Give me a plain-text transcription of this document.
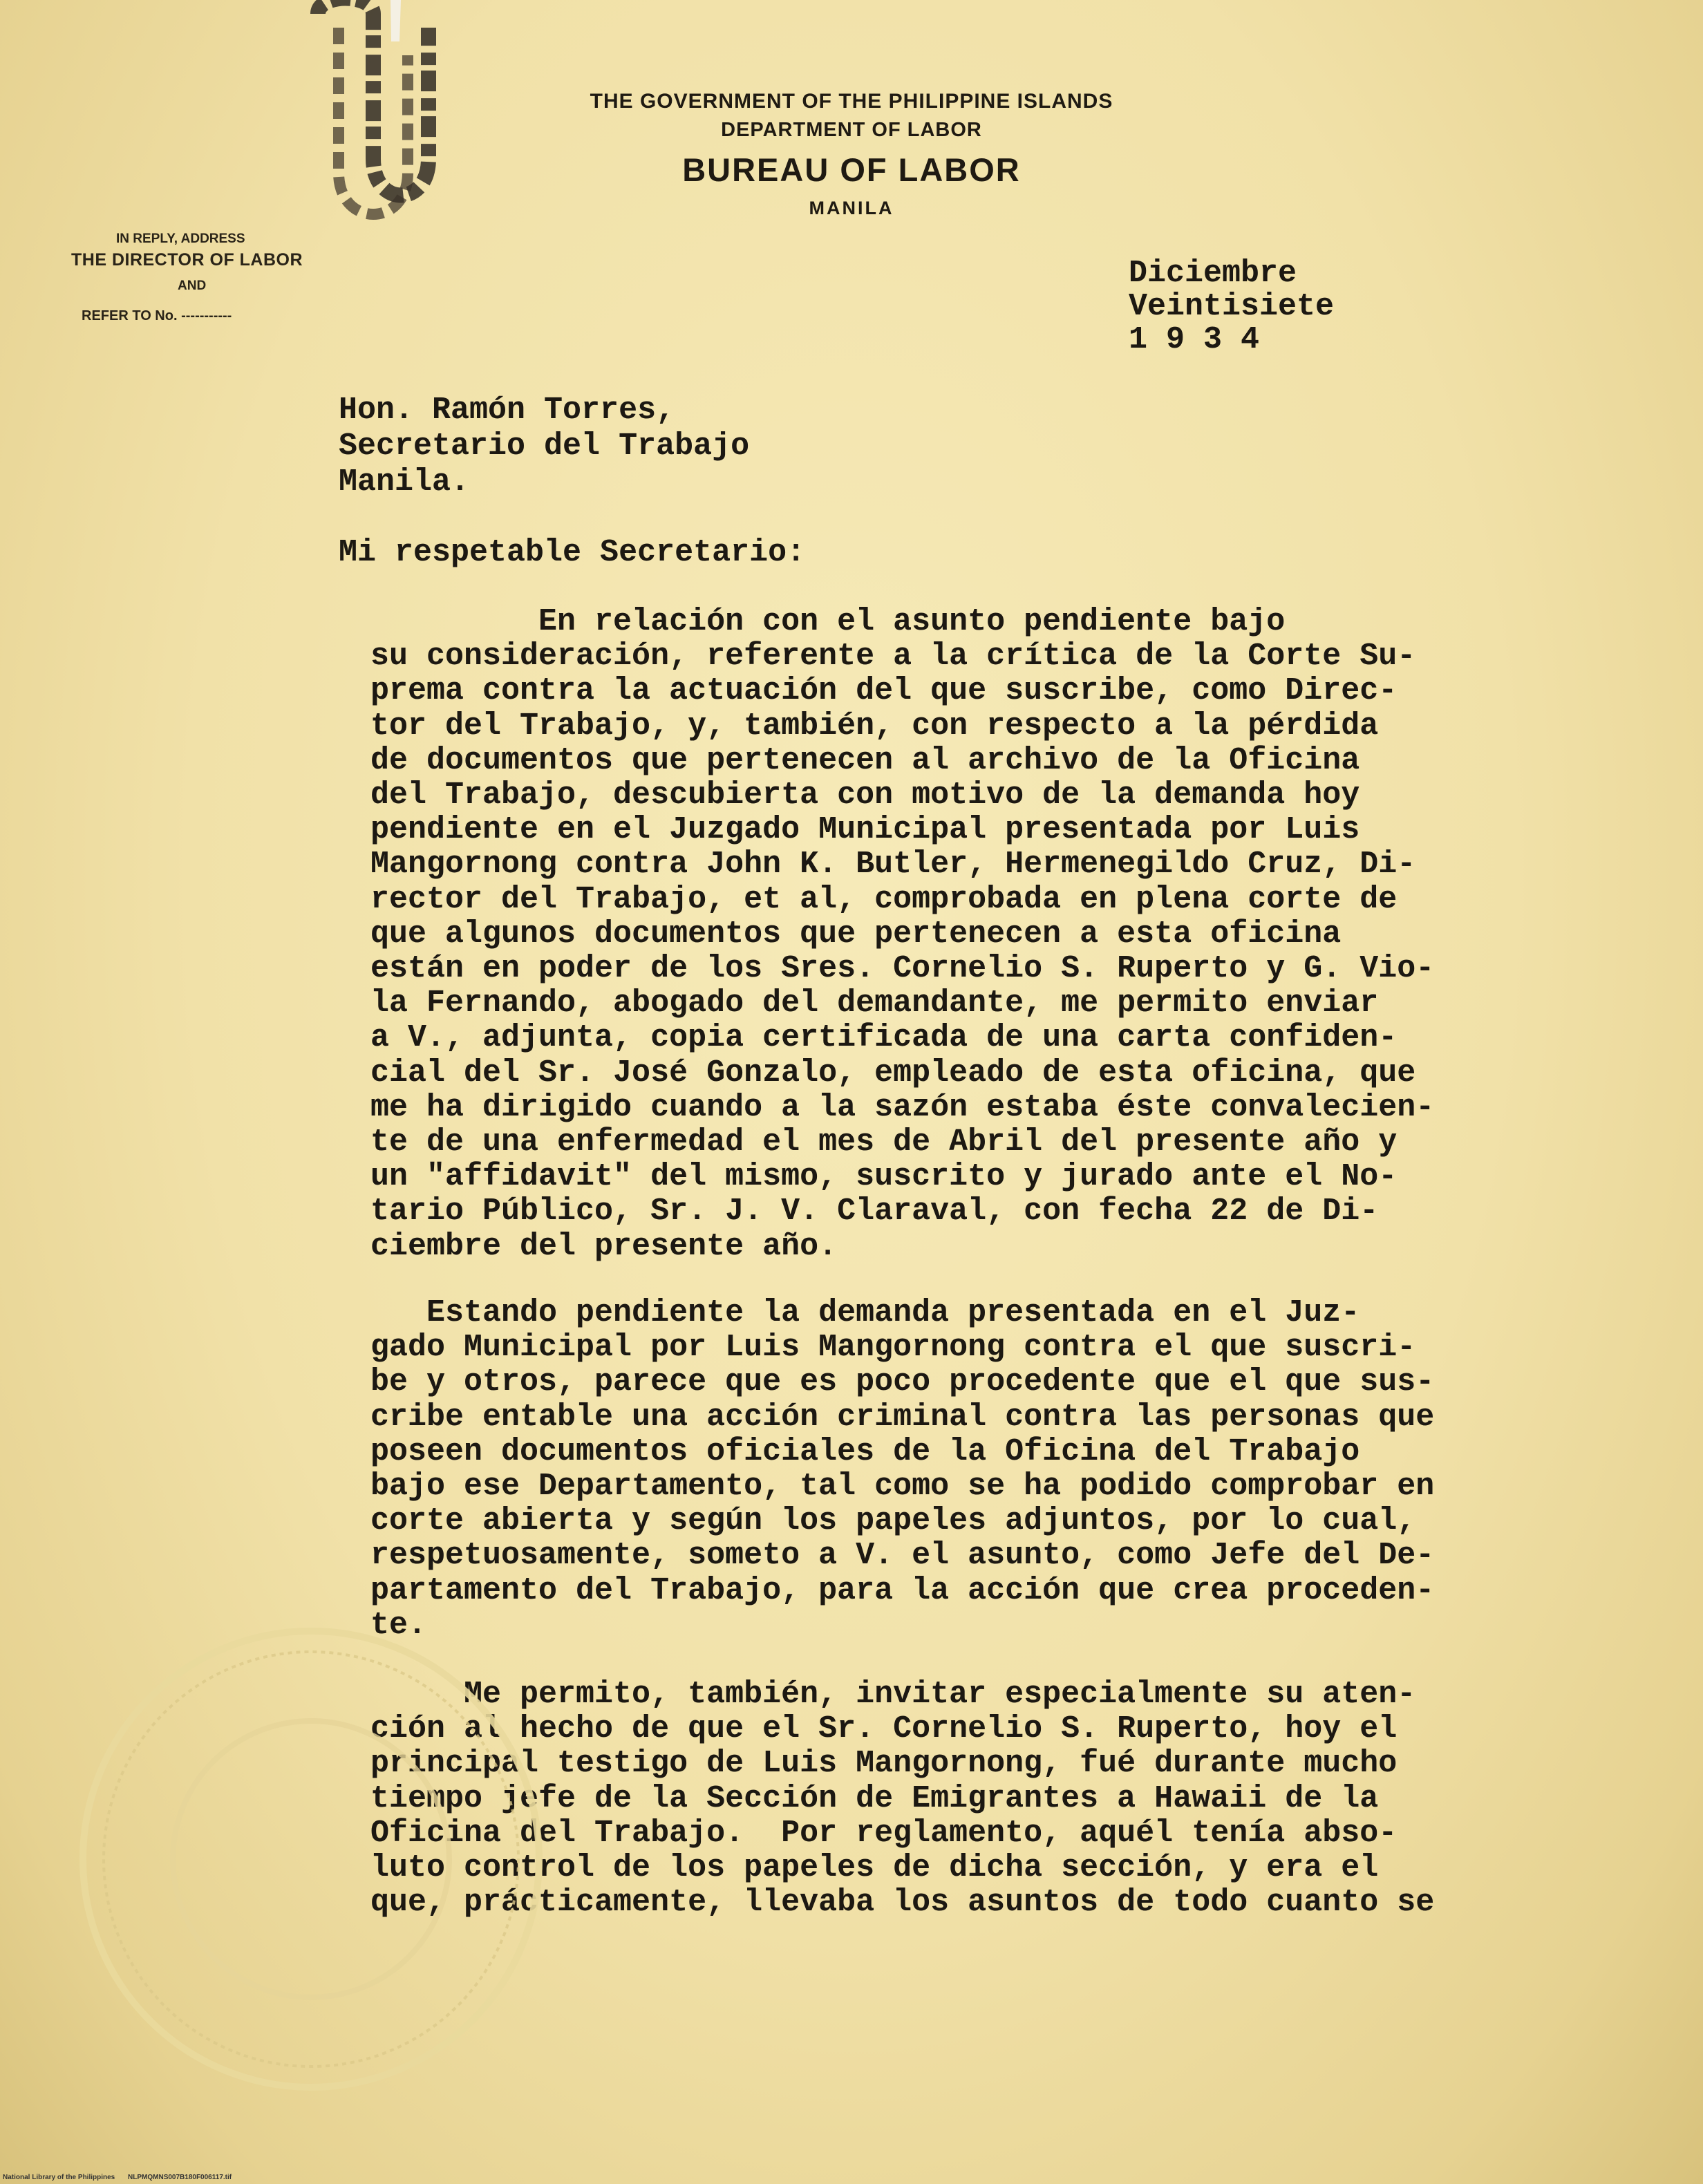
THE GOVERNMENT OF THE PHILIPPINE ISLANDS
DEPARTMENT OF LABOR
BUREAU OF LABOR
MANILA
IN REPLY, ADDRESS
THE DIRECTOR OF LABOR
AND
REFER TO No. -----------
Diciembre
Veintisiete
1 9 3 4
Hon. Ramón Torres,
Secretario del Trabajo
Manila.
Mi respetable Secretario:
En relación con el asunto pendiente bajo
su consideración, referente a la crítica de la Corte Su-
prema contra la actuación del que suscribe, como Direc-
tor del Trabajo, y, también, con respecto a la pérdida
de documentos que pertenecen al archivo de la Oficina
del Trabajo, descubierta con motivo de la demanda hoy
pendiente en el Juzgado Municipal presentada por Luis
Mangornong contra John K. Butler, Hermenegildo Cruz, Di-
rector del Trabajo, et al, comprobada en plena corte de
que algunos documentos que pertenecen a esta oficina
están en poder de los Sres. Cornelio S. Ruperto y G. Vio-
la Fernando, abogado del demandante, me permito enviar
a V., adjunta, copia certificada de una carta confiden-
cial del Sr. José Gonzalo, empleado de esta oficina, que
me ha dirigido cuando a la sazón estaba éste convalecien-
te de una enfermedad el mes de Abril del presente año y
un "affidavit" del mismo, suscrito y jurado ante el No-
tario Público, Sr. J. V. Claraval, con fecha 22 de Di-
ciembre del presente año.
Estando pendiente la demanda presentada en el Juz-
gado Municipal por Luis Mangornong contra el que suscri-
be y otros, parece que es poco procedente que el que sus-
cribe entable una acción criminal contra las personas que
poseen documentos oficiales de la Oficina del Trabajo
bajo ese Departamento, tal como se ha podido comprobar en
corte abierta y según los papeles adjuntos, por lo cual,
respetuosamente, someto a V. el asunto, como Jefe del De-
partamento del Trabajo, para la acción que crea proceden-
te.
Me permito, también, invitar especialmente su aten-
ción al hecho de que el Sr. Cornelio S. Ruperto, hoy el
principal testigo de Luis Mangornong, fué durante mucho
tiempo jefe de la Sección de Emigrantes a Hawaii de la
Oficina del Trabajo.  Por reglamento, aquél tenía abso-
luto control de los papeles de dicha sección, y era el
que, prácticamente, llevaba los asuntos de todo cuanto se
National Library of the Philippines NLPMQMNS007B180F006117.tif
